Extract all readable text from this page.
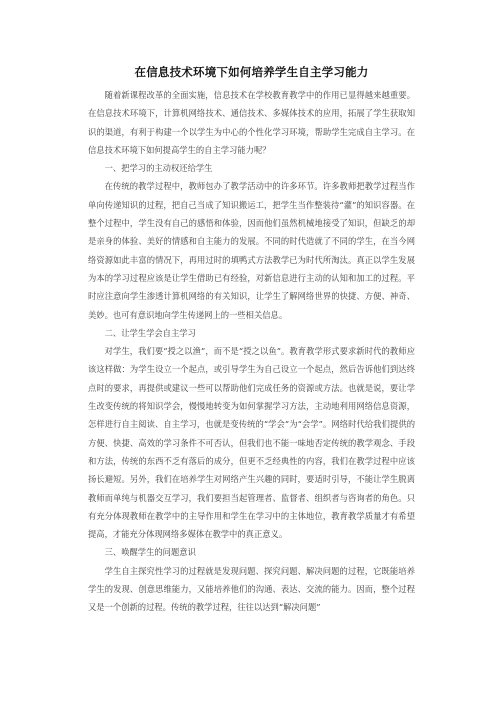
在信息技术环境下如何培养学生自主学习能力

随着新课程改革的全面实施，信息技术在学校教育教学中的作用已显得越来越重要。在信息技术环境下，计算机网络技术、通信技术、多媒体技术的应用，拓展了学生获取知识的渠道，有利于构建一个以学生为中心的个性化学习环境，帮助学生完成自主学习。在信息技术环境下如何提高学生的自主学习能力呢？

一、把学习的主动权还给学生

在传统的教学过程中，教师包办了教学活动中的许多环节。许多教师把教学过程当作单向传递知识的过程，把自己当成了知识搬运工，把学生当作整装待“灌”的知识容器。在整个过程中，学生没有自己的感悟和体验，因而他们虽然机械地接受了知识，但缺乏的却是亲身的体验、美好的情感和自主能力的发展。不同的时代造就了不同的学生，在当今网络资源如此丰富的情况下，再用过时的填鸭式方法教学已为时代所淘汰。真正以学生发展为本的学习过程应该是让学生借助已有经验，对新信息进行主动的认知和加工的过程。平时应注意向学生渗透计算机网络的有关知识，让学生了解网络世界的快捷、方便、神奇、美妙。也可有意识地向学生传递网上的一些相关信息。

二、让学生学会自主学习

对学生，我们要“授之以渔”，而不是“授之以鱼”。教育教学形式要求新时代的教师应该这样做：为学生设立一个起点，或引导学生为自己设立一个起点，然后告诉他们到达终点时的要求，再提供或建议一些可以帮助他们完成任务的资源或方法。也就是说，要让学生改变传统的将知识学会，慢慢地转变为如何掌握学习方法，主动地利用网络信息资源，怎样进行自主阅读、自主学习，也就是变传统的“学会”为“会学”。网络时代给我们提供的方便、快捷、高效的学习条件不可否认，但我们也不能一味地否定传统的教学观念、手段和方法，传统的东西不乏有落后的成分，但更不乏经典性的内容，我们在教学过程中应该扬长避短。另外，我们在培养学生对网络产生兴趣的同时，要适时引导，不能让学生脱离教师而单纯与机器交互学习，我们要担当起管理者、监督者、组织者与咨询者的角色。只有充分体现教师在教学中的主导作用和学生在学习中的主体地位，教育教学质量才有希望提高，才能充分体现网络多媒体在教学中的真正意义。

三、唤醒学生的问题意识

学生自主探究性学习的过程就是发现问题、探究问题、解决问题的过程，它既能培养学生的发现、创意思维能力，又能培养他们的沟通、表达、交流的能力。因而，整个过程又是一个创新的过程。传统的教学过程，往往以达到“解决问题”
